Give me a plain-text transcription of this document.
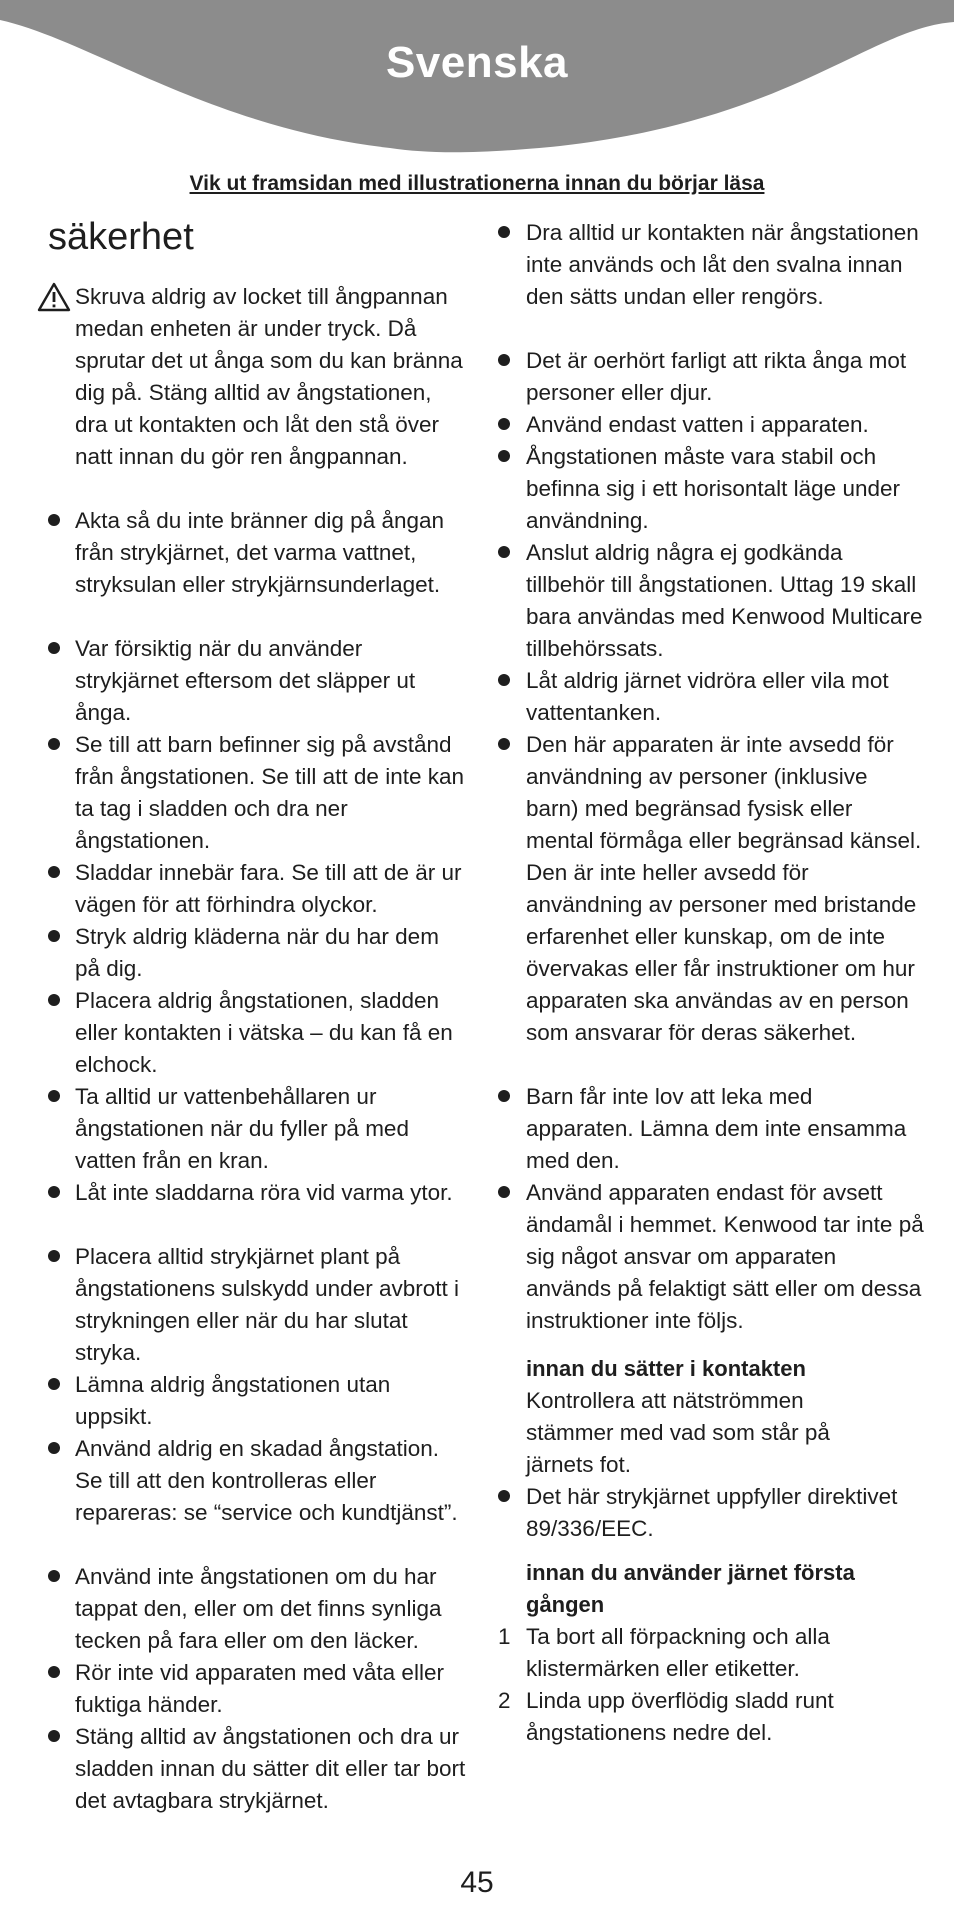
Svenska
Vik ut framsidan med illustrationerna innan du börjar läsa
säkerhet
Skruva aldrig av locket till ångpannan medan enheten är under tryck. Då sprutar det ut ånga som du kan bränna dig på. Stäng alltid av ångstationen, dra ut kontakten och låt den stå över natt innan du gör ren ångpannan.
Akta så du inte bränner dig på ångan från strykjärnet, det varma vattnet, stryksulan eller strykjärnsunderlaget.
Var försiktig när du använder strykjärnet eftersom det släpper ut ånga.
Se till att barn befinner sig på avstånd från ångstationen. Se till att de inte kan ta tag i sladden och dra ner ångstationen.
Sladdar innebär fara. Se till att de är ur vägen för att förhindra olyckor.
Stryk aldrig kläderna när du har dem på dig.
Placera aldrig ångstationen, sladden eller kontakten i vätska – du kan få en elchock.
Ta alltid ur vattenbehållaren ur ångstationen när du fyller på med vatten från en kran.
Låt inte sladdarna röra vid varma ytor.
Placera alltid strykjärnet plant på ångstationens sulskydd under avbrott i strykningen eller när du har slutat stryka.
Lämna aldrig ångstationen utan uppsikt.
Använd aldrig en skadad ångstation. Se till att den kontrolleras eller repareras: se “service och kundtjänst”.
Använd inte ångstationen om du har tappat den, eller om det finns synliga tecken på fara eller om den läcker.
Rör inte vid apparaten med våta eller fuktiga händer.
Stäng alltid av ångstationen och dra ur sladden innan du sätter dit eller tar bort det avtagbara strykjärnet.
Dra alltid ur kontakten när ångstationen inte används och låt den svalna innan den sätts undan eller rengörs.
Det är oerhört farligt att rikta ånga mot personer eller djur.
Använd endast vatten i apparaten.
Ångstationen måste vara stabil och befinna sig i ett horisontalt läge under användning.
Anslut aldrig några ej godkända tillbehör till ångstationen. Uttag 19 skall bara användas med Kenwood Multicare tillbehörssats.
Låt aldrig järnet vidröra eller vila mot vattentanken.
Den här apparaten är inte avsedd för användning av personer (inklusive barn) med begränsad fysisk eller mental förmåga eller begränsad känsel. Den är inte heller avsedd för användning av personer med bristande erfarenhet eller kunskap, om de inte övervakas eller får instruktioner om hur apparaten ska användas av en person som ansvarar för deras säkerhet.
Barn får inte lov att leka med apparaten. Lämna dem inte ensamma med den.
Använd apparaten endast för avsett ändamål i hemmet. Kenwood tar inte på sig något ansvar om apparaten används på felaktigt sätt eller om dessa instruktioner inte följs.
innan du sätter i kontakten
Kontrollera att nätströmmen stämmer med vad som står på järnets fot.
Det här strykjärnet uppfyller direktivet 89/336/EEC.
innan du använder järnet första gången
1 Ta bort all förpackning och alla klistermärken eller etiketter.
2 Linda upp överflödig sladd runt ångstationens nedre del.
45
